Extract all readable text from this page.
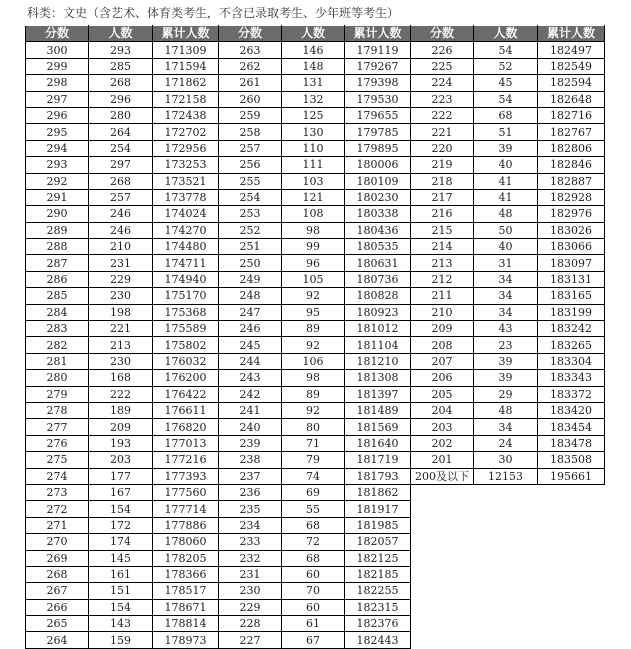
科类：文史（含艺术、体育类考生，不含已录取考生、少年班等考生）
分数	人数	累计人数	分数	人数	累计人数	分数	人数	累计人数
300	293	171309	263	146	179119	226	54	182497
299	285	171594	262	148	179267	225	52	182549
298	268	171862	261	131	179398	224	45	182594
297	296	172158	260	132	179530	223	54	182648
296	280	172438	259	125	179655	222	68	182716
295	264	172702	258	130	179785	221	51	182767
294	254	172956	257	110	179895	220	39	182806
293	297	173253	256	111	180006	219	40	182846
292	268	173521	255	103	180109	218	41	182887
291	257	173778	254	121	180230	217	41	182928
290	246	174024	253	108	180338	216	48	182976
289	246	174270	252	98	180436	215	50	183026
288	210	174480	251	99	180535	214	40	183066
287	231	174711	250	96	180631	213	31	183097
286	229	174940	249	105	180736	212	34	183131
285	230	175170	248	92	180828	211	34	183165
284	198	175368	247	95	180923	210	34	183199
283	221	175589	246	89	181012	209	43	183242
282	213	175802	245	92	181104	208	23	183265
281	230	176032	244	106	181210	207	39	183304
280	168	176200	243	98	181308	206	39	183343
279	222	176422	242	89	181397	205	29	183372
278	189	176611	241	92	181489	204	48	183420
277	209	176820	240	80	181569	203	34	183454
276	193	177013	239	71	181640	202	24	183478
275	203	177216	238	79	181719	201	30	183508
274	177	177393	237	74	181793	200及以下	12153	195661
273	167	177560	236	69	181862			
272	154	177714	235	55	181917			
271	172	177886	234	68	181985			
270	174	178060	233	72	182057			
269	145	178205	232	68	182125			
268	161	178366	231	60	182185			
267	151	178517	230	70	182255			
266	154	178671	229	60	182315			
265	143	178814	228	61	182376			
264	159	178973	227	67	182443			
